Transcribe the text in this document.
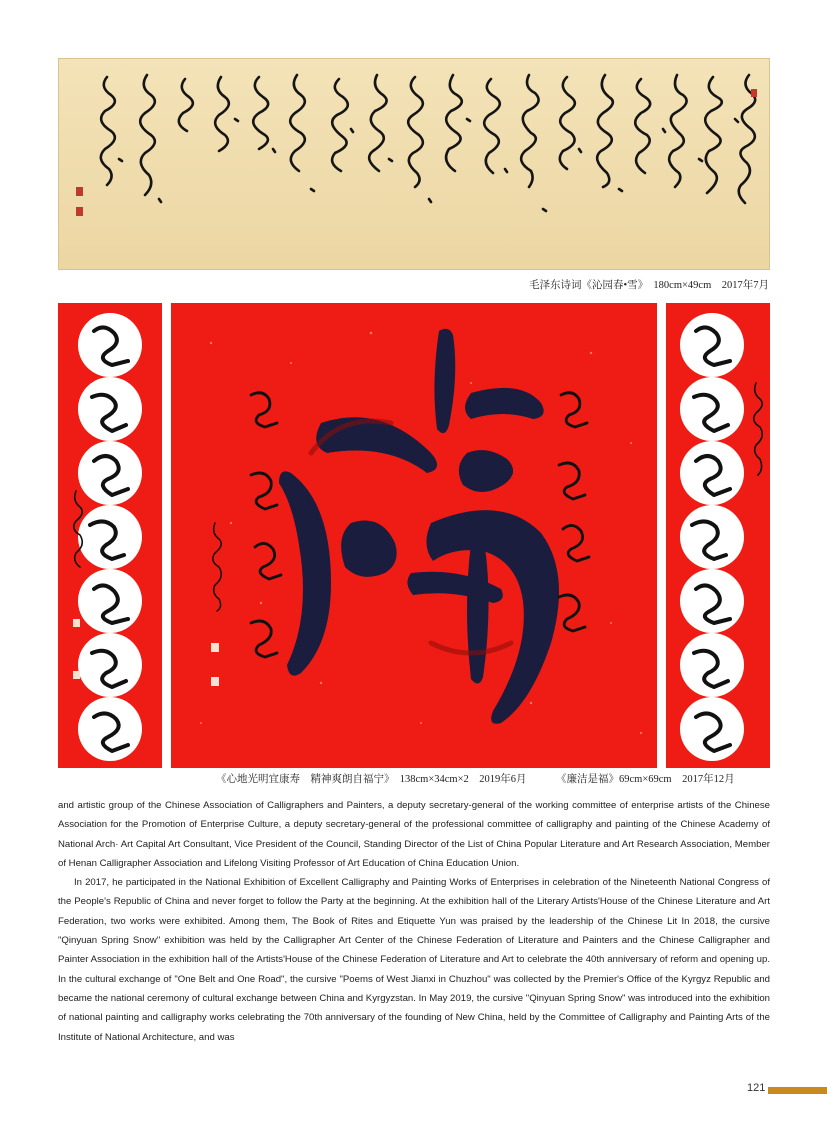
毛泽东诗词《沁园春•雪》　180cm×49cm　2017年7月
《心地光明宜康寿　精神爽朗自福宁》　138cm×34cm×2　2019年6月	《廉洁是福》69cm×69cm　2017年12月

and artistic group of the Chinese Association of Calligraphers and Painters, a deputy secretary-general of the working committee of enterprise artists of the Chinese Association for the Promotion of Enterprise Culture, a deputy secretary-general of the professional committee of calligraphy and painting of the Chinese Academy of National Arch· Art Capital Art Consultant, Vice President of the Council, Standing Director of the List of China Popular Literature and Art Research Association, Member of Henan Calligrapher Association and Lifelong Visiting Professor of Art Education of China Education Union.

In 2017, he participated in the National Exhibition of Excellent Calligraphy and Painting Works of Enterprises in celebration of the Nineteenth National Congress of the People's Republic of China and never forget to follow the Party at the beginning. At the exhibition hall of the Literary Artists'House of the Chinese Literature and Art Federation, two works were exhibited. Among them, The Book of Rites and Etiquette Yun was praised by the leadership of the Chinese Lit In 2018, the cursive "Qinyuan Spring Snow" exhibition was held by the Calligrapher Art Center of the Chinese Federation of Literature and Painters and the Chinese Calligrapher and Painter Association in the exhibition hall of the Artists'House of the Chinese Federation of Literature and Art to celebrate the 40th anniversary of reform and opening up. In the cultural exchange of "One Belt and One Road", the cursive "Poems of West Jianxi in Chuzhou" was collected by the Premier's Office of the Kyrgyz Republic and became the national ceremony of cultural exchange between China and Kyrgyzstan. In May 2019, the cursive "Qinyuan Spring Snow" was introduced into the exhibition of national painting and calligraphy works celebrating the 70th anniversary of the founding of New China, held by the Committee of Calligraphy and Painting Arts of the Institute of National Architecture, and was

121
